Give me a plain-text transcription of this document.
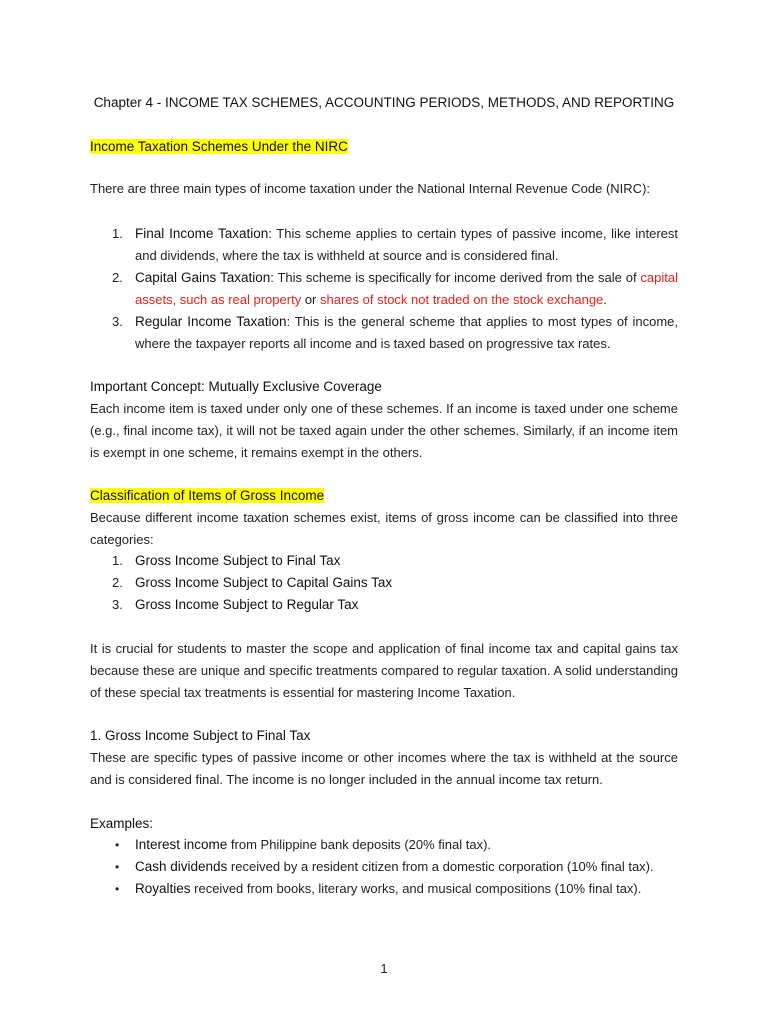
Chapter 4 - INCOME TAX SCHEMES, ACCOUNTING PERIODS, METHODS, AND REPORTING
Income Taxation Schemes Under the NIRC
There are three main types of income taxation under the National Internal Revenue Code (NIRC):
1. Final Income Taxation: This scheme applies to certain types of passive income, like interest and dividends, where the tax is withheld at source and is considered final.
2. Capital Gains Taxation: This scheme is specifically for income derived from the sale of capital assets, such as real property or shares of stock not traded on the stock exchange.
3. Regular Income Taxation: This is the general scheme that applies to most types of income, where the taxpayer reports all income and is taxed based on progressive tax rates.
Important Concept: Mutually Exclusive Coverage
Each income item is taxed under only one of these schemes. If an income is taxed under one scheme (e.g., final income tax), it will not be taxed again under the other schemes. Similarly, if an income item is exempt in one scheme, it remains exempt in the others.
Classification of Items of Gross Income
Because different income taxation schemes exist, items of gross income can be classified into three categories:
1. Gross Income Subject to Final Tax
2. Gross Income Subject to Capital Gains Tax
3. Gross Income Subject to Regular Tax
It is crucial for students to master the scope and application of final income tax and capital gains tax because these are unique and specific treatments compared to regular taxation. A solid understanding of these special tax treatments is essential for mastering Income Taxation.
1. Gross Income Subject to Final Tax
These are specific types of passive income or other incomes where the tax is withheld at the source and is considered final. The income is no longer included in the annual income tax return.
Examples:
• Interest income from Philippine bank deposits (20% final tax).
• Cash dividends received by a resident citizen from a domestic corporation (10% final tax).
• Royalties received from books, literary works, and musical compositions (10% final tax).
1
